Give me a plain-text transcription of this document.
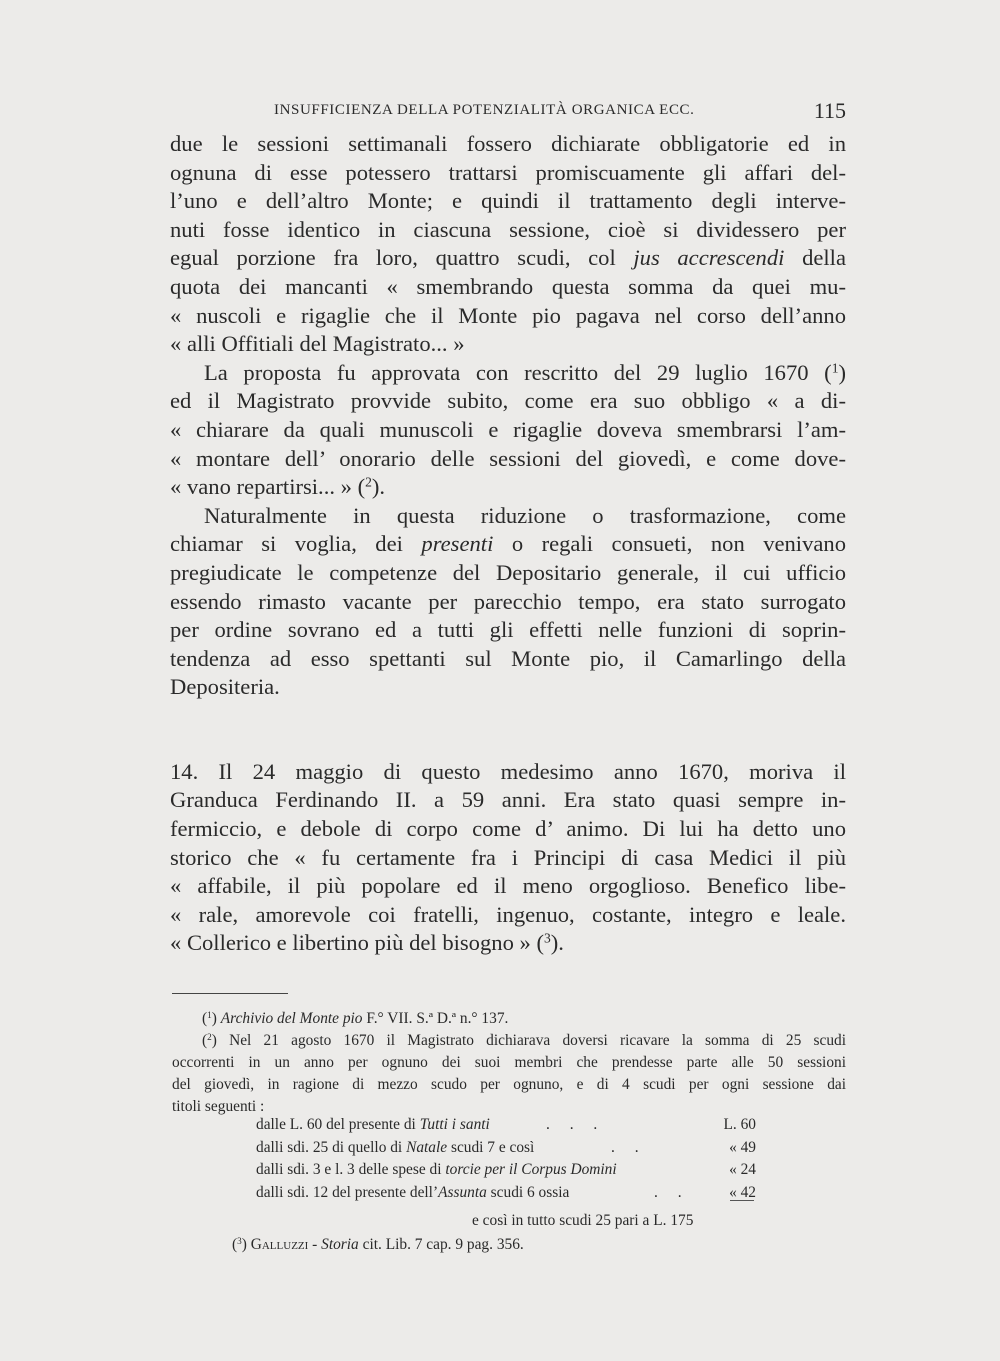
INSUFFICIENZA DELLA POTENZIALITÀ ORGANICA ECC.	115
due le sessioni settimanali fossero dichiarate obbligatorie ed in
ognuna di esse potessero trattarsi promiscuamente gli affari del-
l’uno e dell’altro Monte; e quindi il trattamento degli interve-
nuti fosse identico in ciascuna sessione, cioè si dividessero per
egual porzione fra loro, quattro scudi, col jus accrescendi della
quota dei mancanti « smembrando questa somma da quei mu-
« nuscoli e rigaglie che il Monte pio pagava nel corso dell’anno
« alli Offitiali del Magistrato... »
La proposta fu approvata con rescritto del 29 luglio 1670 ($^1$)
ed il Magistrato provvide subito, come era suo obbligo « a di-
« chiarare da quali munuscoli e rigaglie doveva smembrarsi l’am-
« montare dell’ onorario delle sessioni del giovedì, e come dove-
« vano repartirsi... » ($^2$).
Naturalmente in questa riduzione o trasformazione, come
chiamar si voglia, dei presenti o regali consueti, non venivano
pregiudicate le competenze del Depositario generale, il cui ufficio
essendo rimasto vacante per parecchio tempo, era stato surrogato
per ordine sovrano ed a tutti gli effetti nelle funzioni di soprin-
tendenza ad esso spettanti sul Monte pio, il Camarlingo della
Depositeria.
14. Il 24 maggio di questo medesimo anno 1670, moriva il
Granduca Ferdinando II. a 59 anni. Era stato quasi sempre in-
fermiccio, e debole di corpo come d’ animo. Di lui ha detto uno
storico che « fu certamente fra i Principi di casa Medici il più
« affabile, il più popolare ed il meno orgoglioso. Benefico libe-
« rale, amorevole coi fratelli, ingenuo, costante, integro e leale.
« Collerico e libertino più del bisogno » ($^3$).
($^1$) Archivio del Monte pio F.° VII. S.ª D.ª n.° 137.
($^2$) Nel 21 agosto 1670 il Magistrato dichiarava doversi ricavare la somma di 25 scudi
occorrenti in un anno per ognuno dei suoi membri che prendesse parte alle 50 sessioni
del giovedì, in ragione di mezzo scudo per ognuno, e di 4 scudi per ogni sessione dai
titoli seguenti :
dalle L. 60 del presente di Tutti i santi	. . .	L. 60
dalli sdi. 25 di quello di Natale scudi 7 e così	. .	« 49
dalli sdi. 3 e l. 3 delle spese di torcie per il Corpus Domini	« 24
dalli sdi. 12 del presente dell’Assunta scudi 6 ossia	. .	« 42
e così in tutto scudi 25 pari a L. 175
($^3$) Galluzzi - Storia cit. Lib. 7 cap. 9 pag. 356.
